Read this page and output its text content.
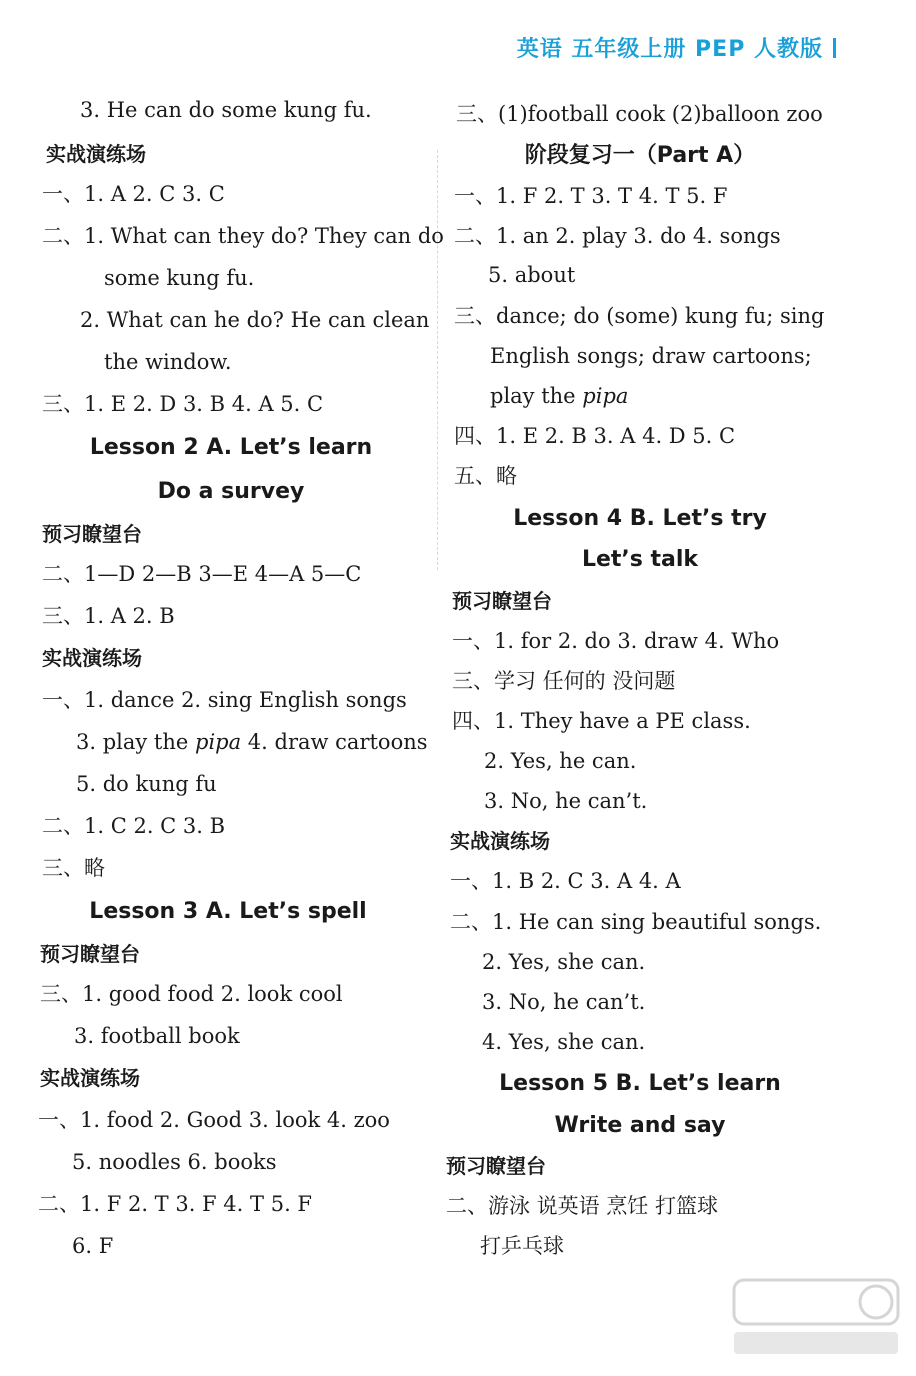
英语 五年级上册 PEP 人教版
3. He can do some kung fu.
实战演练场
一、1. A 2. C 3. C
二、1. What can they do? They can do
some kung fu.
2. What can he do? He can clean
the window.
三、1. E 2. D 3. B 4. A 5. C
Lesson 2 A. Let’s learn
Do a survey
预习瞭望台
二、1—D 2—B 3—E 4—A 5—C
三、1. A 2. B
实战演练场
一、1. dance 2. sing English songs
3. play the pipa 4. draw cartoons
5. do kung fu
二、1. C 2. C 3. B
三、略
Lesson 3 A. Let’s spell
预习瞭望台
三、1. good food 2. look cool
3. football book
实战演练场
一、1. food 2. Good 3. look 4. zoo
5. noodles 6. books
二、1. F 2. T 3. F 4. T 5. F
6. F
三、(1)football cook (2)balloon zoo
阶段复习一（Part A）
一、1. F 2. T 3. T 4. T 5. F
二、1. an 2. play 3. do 4. songs
5. about
三、dance; do (some) kung fu; sing
English songs; draw cartoons;
play the pipa
四、1. E 2. B 3. A 4. D 5. C
五、略
Lesson 4 B. Let’s try
Let’s talk
预习瞭望台
一、1. for 2. do 3. draw 4. Who
三、学习 任何的 没问题
四、1. They have a PE class.
2. Yes, he can.
3. No, he can’t.
实战演练场
一、1. B 2. C 3. A 4. A
二、1. He can sing beautiful songs.
2. Yes, she can.
3. No, he can’t.
4. Yes, she can.
Lesson 5 B. Let’s learn
Write and say
预习瞭望台
二、游泳 说英语 烹饪 打篮球
打乒乓球
